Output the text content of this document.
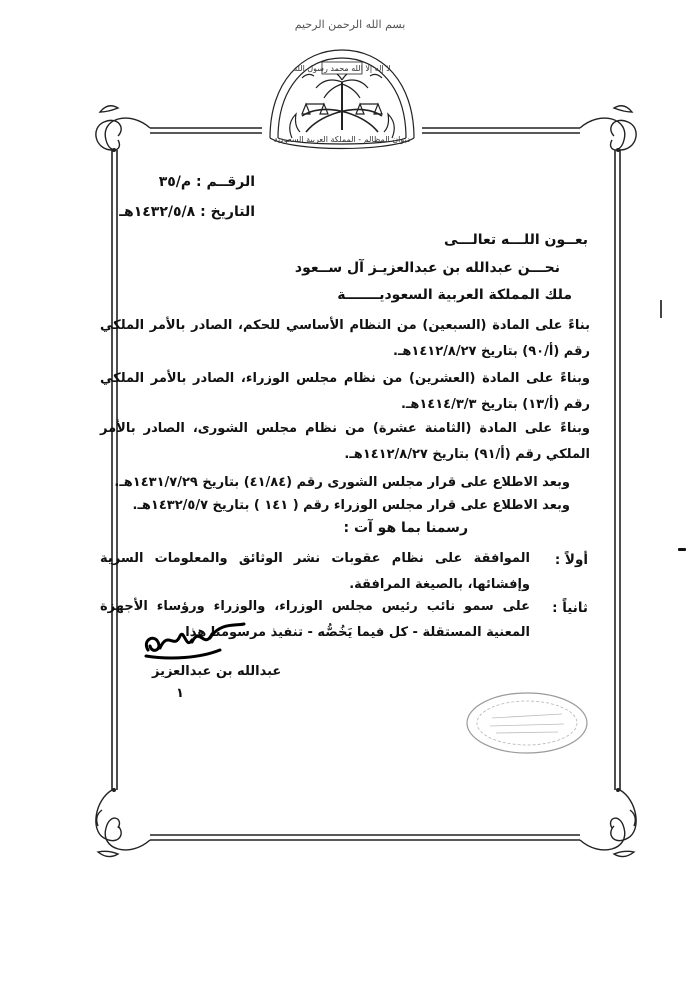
بسم الله الرحمن الرحيم
لا إله إلا الله محمد رسول الله
ديوان المظالم - المملكة العربية السعودية
الرقــم : م/٣٥
التاريخ : ١٤٣٢/٥/٨هـ
بعــون اللـــه تعالـــى
نحـــن عبدالله بن عبدالعزيـز آل ســعود
ملك المملكة العربية السعوديـــــــة
بناءً على المادة (السبعين) من النظام الأساسي للحكم، الصادر بالأمر الملكي رقم (أ/٩٠) بتاريخ ١٤١٢/٨/٢٧هـ.
وبناءً على المادة (العشرين) من نظام مجلس الوزراء، الصادر بالأمر الملكي رقم (أ/١٣) بتاريخ ١٤١٤/٣/٣هـ.
وبناءً على المادة (الثامنة عشرة) من نظام مجلس الشورى، الصادر بالأمر الملكي رقم (أ/٩١) بتاريخ ١٤١٢/٨/٢٧هـ.
وبعد الاطلاع على قرار مجلس الشورى رقم (٤١/٨٤) بتاريخ ١٤٣١/٧/٢٩هـ.
وبعد الاطلاع على قرار مجلس الوزراء رقم ( ١٤١ ) بتاريخ ١٤٣٢/٥/٧هـ.
رسمنا بما هو آت :
أولاً :
الموافقة على نظام عقوبات نشر الوثائق والمعلومات السرية وإفشائها، بالصيغة المرافقة.
ثانياً :
على سمو نائب رئيس مجلس الوزراء، والوزراء ورؤساء الأجهزة المعنية المستقلة - كل فيما يَخُصُّه - تنفيذ مرسومنا هذا.
عبدالله بن عبدالعزيز
١
